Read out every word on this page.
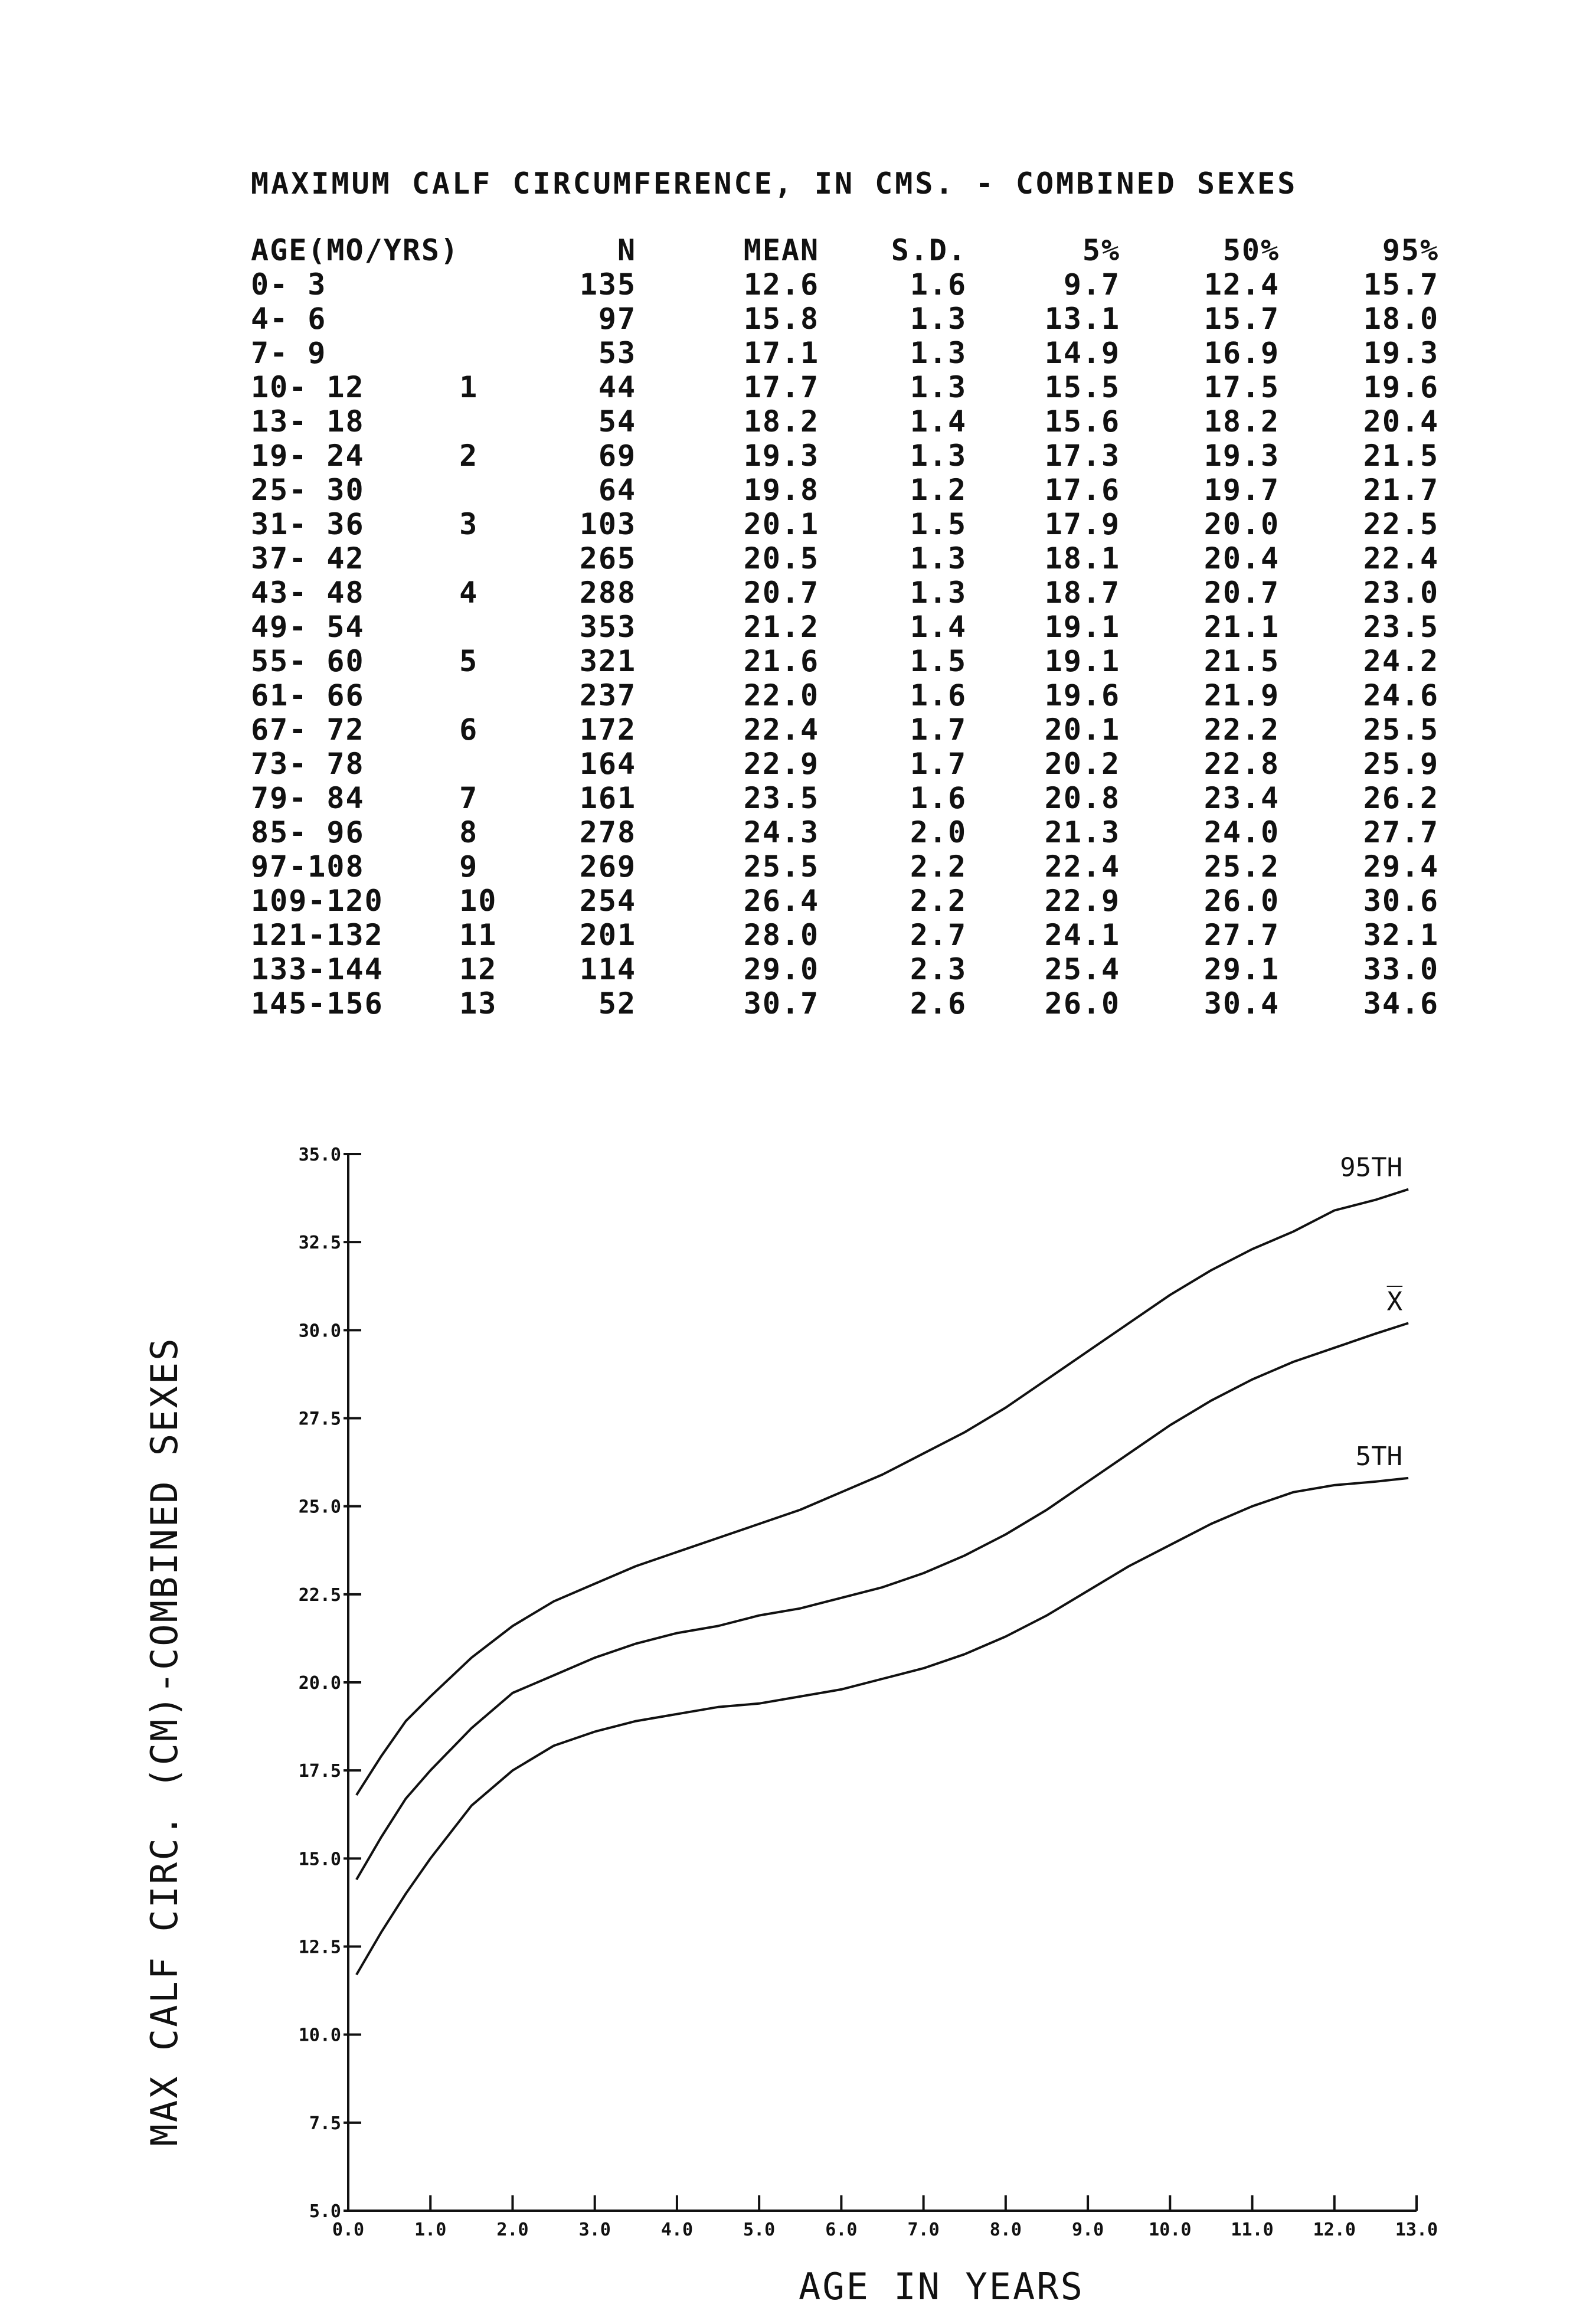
MAXIMUM CALF CIRCUMFERENCE, IN CMS. - COMBINED SEXES
AGE(MO/YRS)		N	MEAN	S.D.	5%	50%	95%
0- 3		135	12.6	1.6	9.7	12.4	15.7
4- 6		97	15.8	1.3	13.1	15.7	18.0
7- 9		53	17.1	1.3	14.9	16.9	19.3
10- 12	1	44	17.7	1.3	15.5	17.5	19.6
13- 18		54	18.2	1.4	15.6	18.2	20.4
19- 24	2	69	19.3	1.3	17.3	19.3	21.5
25- 30		64	19.8	1.2	17.6	19.7	21.7
31- 36	3	103	20.1	1.5	17.9	20.0	22.5
37- 42		265	20.5	1.3	18.1	20.4	22.4
43- 48	4	288	20.7	1.3	18.7	20.7	23.0
49- 54		353	21.2	1.4	19.1	21.1	23.5
55- 60	5	321	21.6	1.5	19.1	21.5	24.2
61- 66		237	22.0	1.6	19.6	21.9	24.6
67- 72	6	172	22.4	1.7	20.1	22.2	25.5
73- 78		164	22.9	1.7	20.2	22.8	25.9
79- 84	7	161	23.5	1.6	20.8	23.4	26.2
85- 96	8	278	24.3	2.0	21.3	24.0	27.7
97-108	9	269	25.5	2.2	22.4	25.2	29.4
109-120	10	254	26.4	2.2	22.9	26.0	30.6
121-132	11	201	28.0	2.7	24.1	27.7	32.1
133-144	12	114	29.0	2.3	25.4	29.1	33.0
145-156	13	52	30.7	2.6	26.0	30.4	34.6
0.0	1.0	2.0	3.0	4.0	5.0	6.0	7.0	8.0	9.0	10.0 11.0 12.0 13.0
5.0
7.5
10.0
12.5
15.0
17.5
20.0
22.5
25.0
27.5
30.0
32.5
35.0	95TH
X̅
5TH
AGE IN YEARS
MAX CALF CIRC. (CM)-COMBINED SEXES
